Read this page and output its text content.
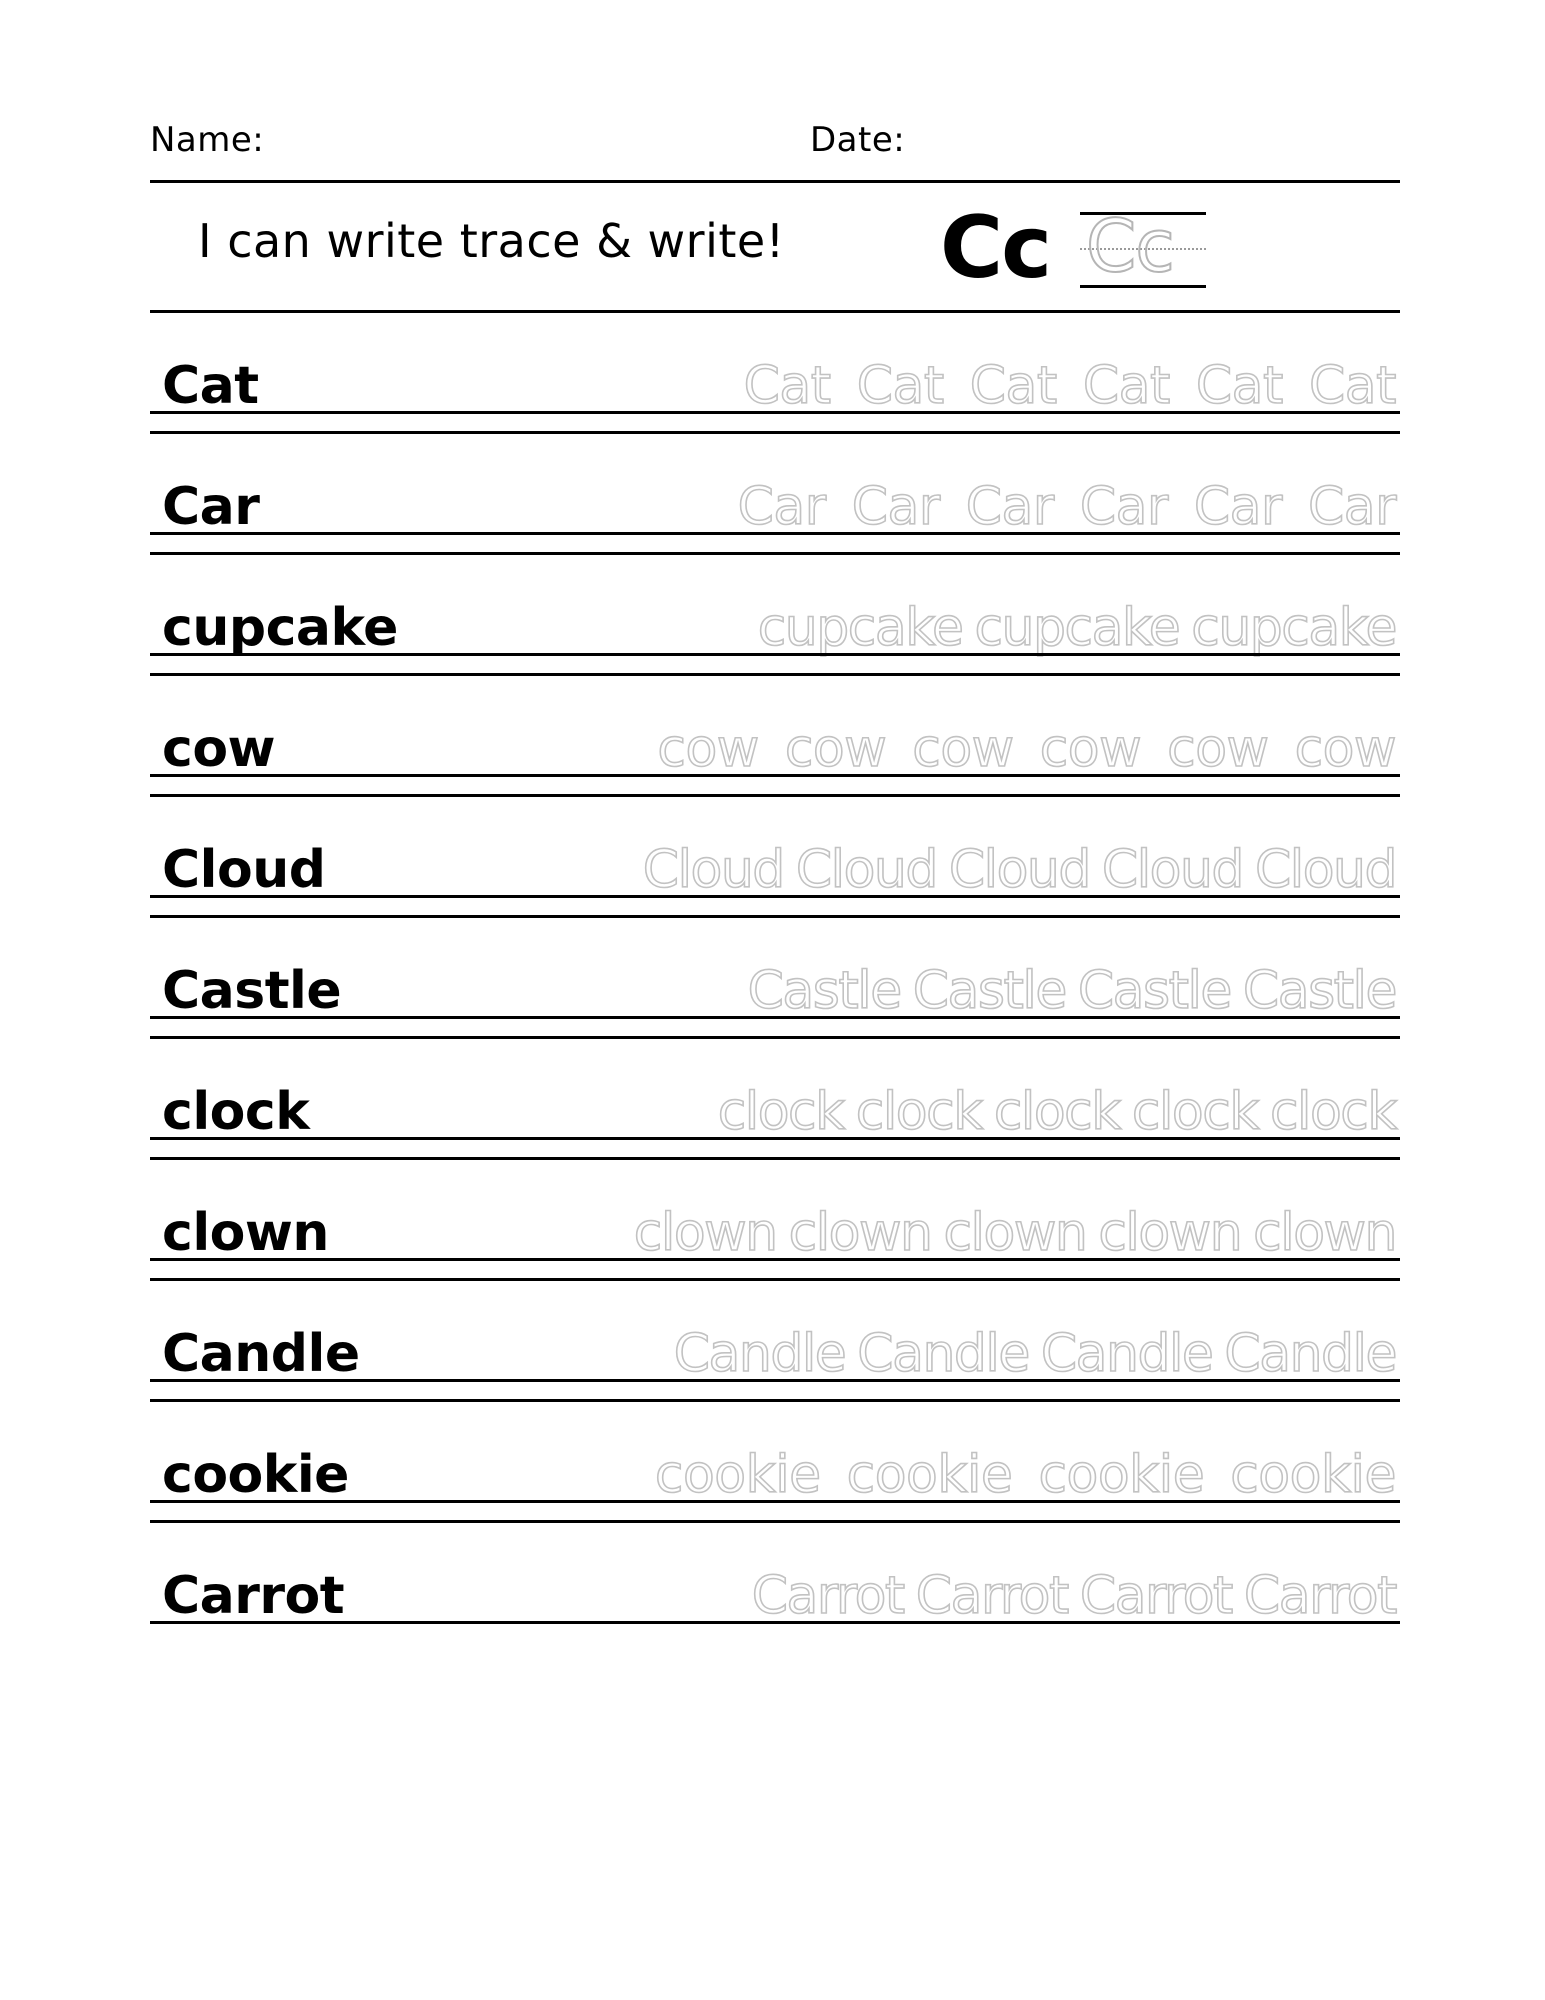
Name:	Date:
I can write trace & write! Cc Cc
Cat	Cat Cat Cat Cat Cat Cat
Car	Car Car Car Car Car Car
cupcake	cupcake cupcake cupcake
cow	cow cow cow cow cow cow
Cloud	Cloud Cloud Cloud Cloud Cloud
Castle	Castle Castle Castle Castle
clock	clock clock clock clock clock
clown	clown clown clown clown clown
Candle	Candle Candle Candle Candle
cookie	cookie cookie cookie cookie
Carrot	Carrot Carrot Carrot Carrot
